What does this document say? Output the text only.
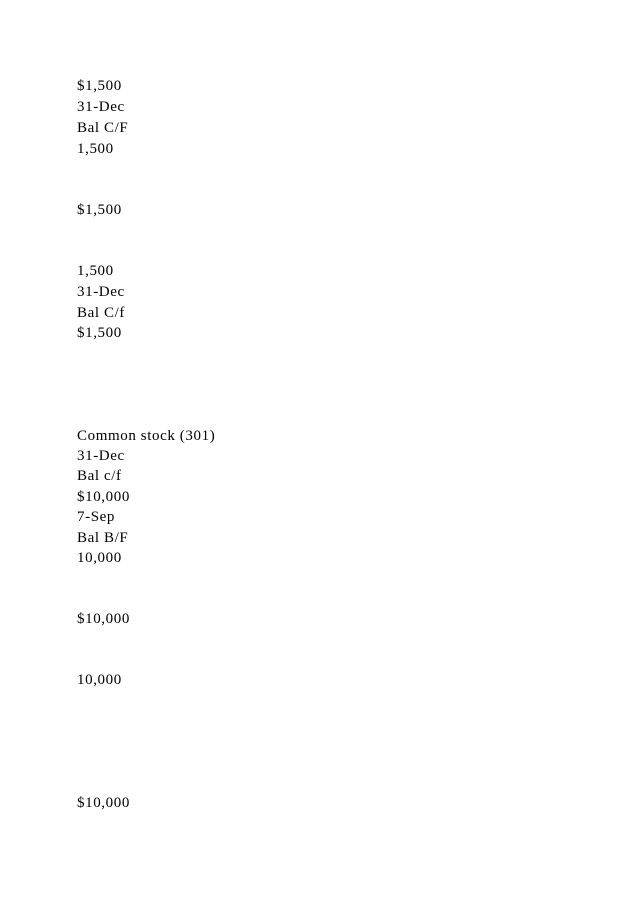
$1,500
31-Dec
Bal C/F
1,500
$1,500
1,500
31-Dec
Bal C/f
$1,500
Common stock (301)
31-Dec
Bal c/f
$10,000
7-Sep
Bal B/F
10,000
$10,000
10,000
$10,000
